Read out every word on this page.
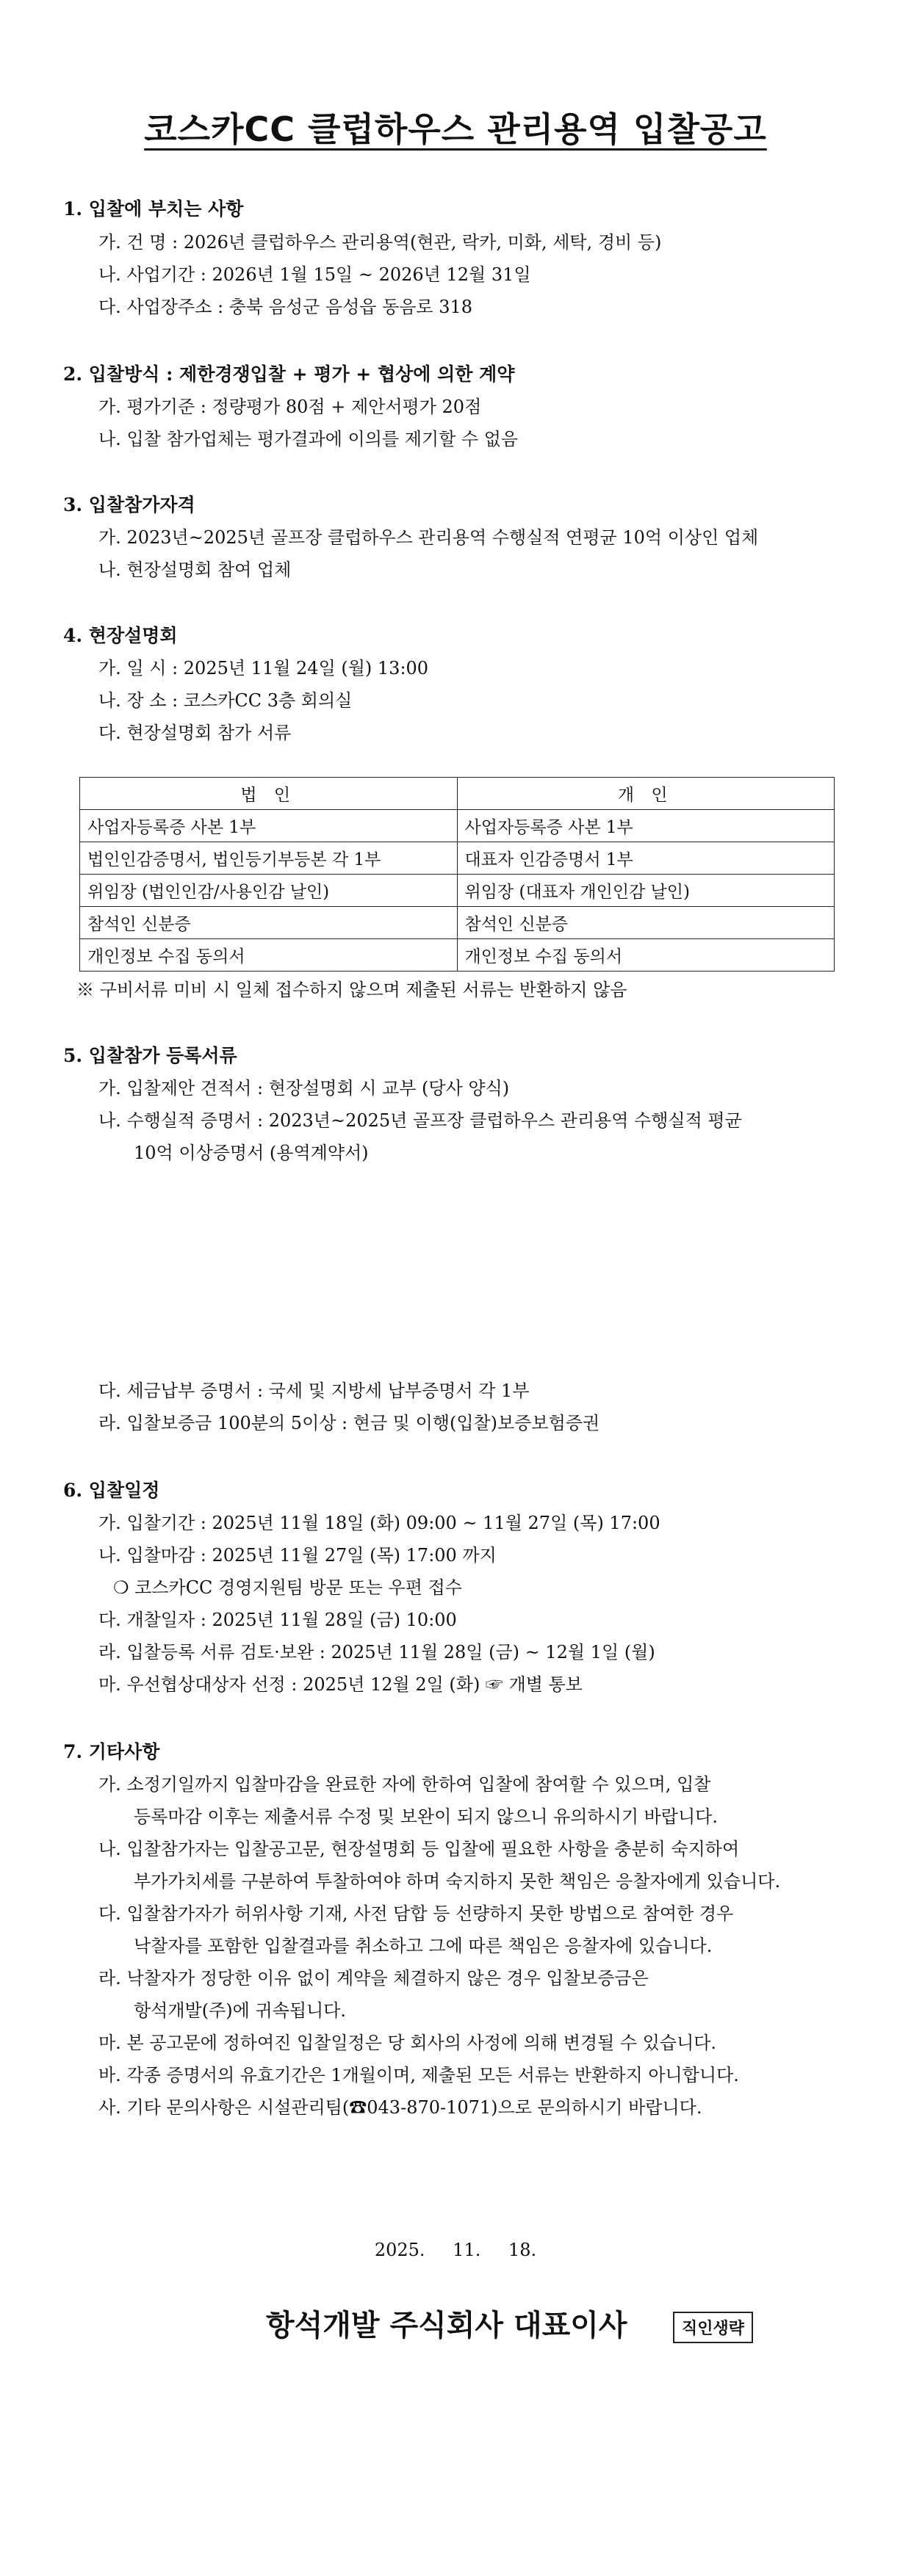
코스카CC 클럽하우스 관리용역 입찰공고
1. 입찰에 부치는 사항
가. 건 명 : 2026년 클럽하우스 관리용역(현관, 락카, 미화, 세탁, 경비 등)
나. 사업기간 : 2026년 1월 15일 ~ 2026년 12월 31일
다. 사업장주소 : 충북 음성군 음성읍 동음로 318
2. 입찰방식 : 제한경쟁입찰 + 평가 + 협상에 의한 계약
가. 평가기준 : 정량평가 80점 + 제안서평가 20점
나. 입찰 참가업체는 평가결과에 이의를 제기할 수 없음
3. 입찰참가자격
가. 2023년~2025년 골프장 클럽하우스 관리용역 수행실적 연평균 10억 이상인 업체
나. 현장설명회 참여 업체
4. 현장설명회
가. 일 시 : 2025년 11월 24일 (월) 13:00
나. 장 소 : 코스카CC 3층 회의실
다. 현장설명회 참가 서류
법 인	개 인
사업자등록증 사본 1부	사업자등록증 사본 1부
법인인감증명서, 법인등기부등본 각 1부	대표자 인감증명서 1부
위임장 (법인인감/사용인감 날인)	위임장 (대표자 개인인감 날인)
참석인 신분증	참석인 신분증
개인정보 수집 동의서	개인정보 수집 동의서
※ 구비서류 미비 시 일체 접수하지 않으며 제출된 서류는 반환하지 않음
5. 입찰참가 등록서류
가. 입찰제안 견적서 : 현장설명회 시 교부 (당사 양식)
나. 수행실적 증명서 : 2023년~2025년 골프장 클럽하우스 관리용역 수행실적 평균
10억 이상증명서 (용역계약서)
다. 세금납부 증명서 : 국세 및 지방세 납부증명서 각 1부
라. 입찰보증금 100분의 5이상 : 현금 및 이행(입찰)보증보험증권
6. 입찰일정
가. 입찰기간 : 2025년 11월 18일 (화) 09:00 ~ 11월 27일 (목) 17:00
나. 입찰마감 : 2025년 11월 27일 (목) 17:00 까지
❍ 코스카CC 경영지원팀 방문 또는 우편 접수
다. 개찰일자 : 2025년 11월 28일 (금) 10:00
라. 입찰등록 서류 검토·보완 : 2025년 11월 28일 (금) ~ 12월 1일 (월)
마. 우선협상대상자 선정 : 2025년 12월 2일 (화) ☞ 개별 통보
7. 기타사항
가. 소정기일까지 입찰마감을 완료한 자에 한하여 입찰에 참여할 수 있으며, 입찰
등록마감 이후는 제출서류 수정 및 보완이 되지 않으니 유의하시기 바랍니다.
나. 입찰참가자는 입찰공고문, 현장설명회 등 입찰에 필요한 사항을 충분히 숙지하여
부가가치세를 구분하여 투찰하여야 하며 숙지하지 못한 책임은 응찰자에게 있습니다.
다. 입찰참가자가 허위사항 기재, 사전 담합 등 선량하지 못한 방법으로 참여한 경우
낙찰자를 포함한 입찰결과를 취소하고 그에 따른 책임은 응찰자에 있습니다.
라. 낙찰자가 정당한 이유 없이 계약을 체결하지 않은 경우 입찰보증금은
항석개발(주)에 귀속됩니다.
마. 본 공고문에 정하여진 입찰일정은 당 회사의 사정에 의해 변경될 수 있습니다.
바. 각종 증명서의 유효기간은 1개월이며, 제출된 모든 서류는 반환하지 아니합니다.
사. 기타 문의사항은 시설관리팀(☎043-870-1071)으로 문의하시기 바랍니다.
2025. 11. 18.
항석개발 주식회사 대표이사	직인생략
